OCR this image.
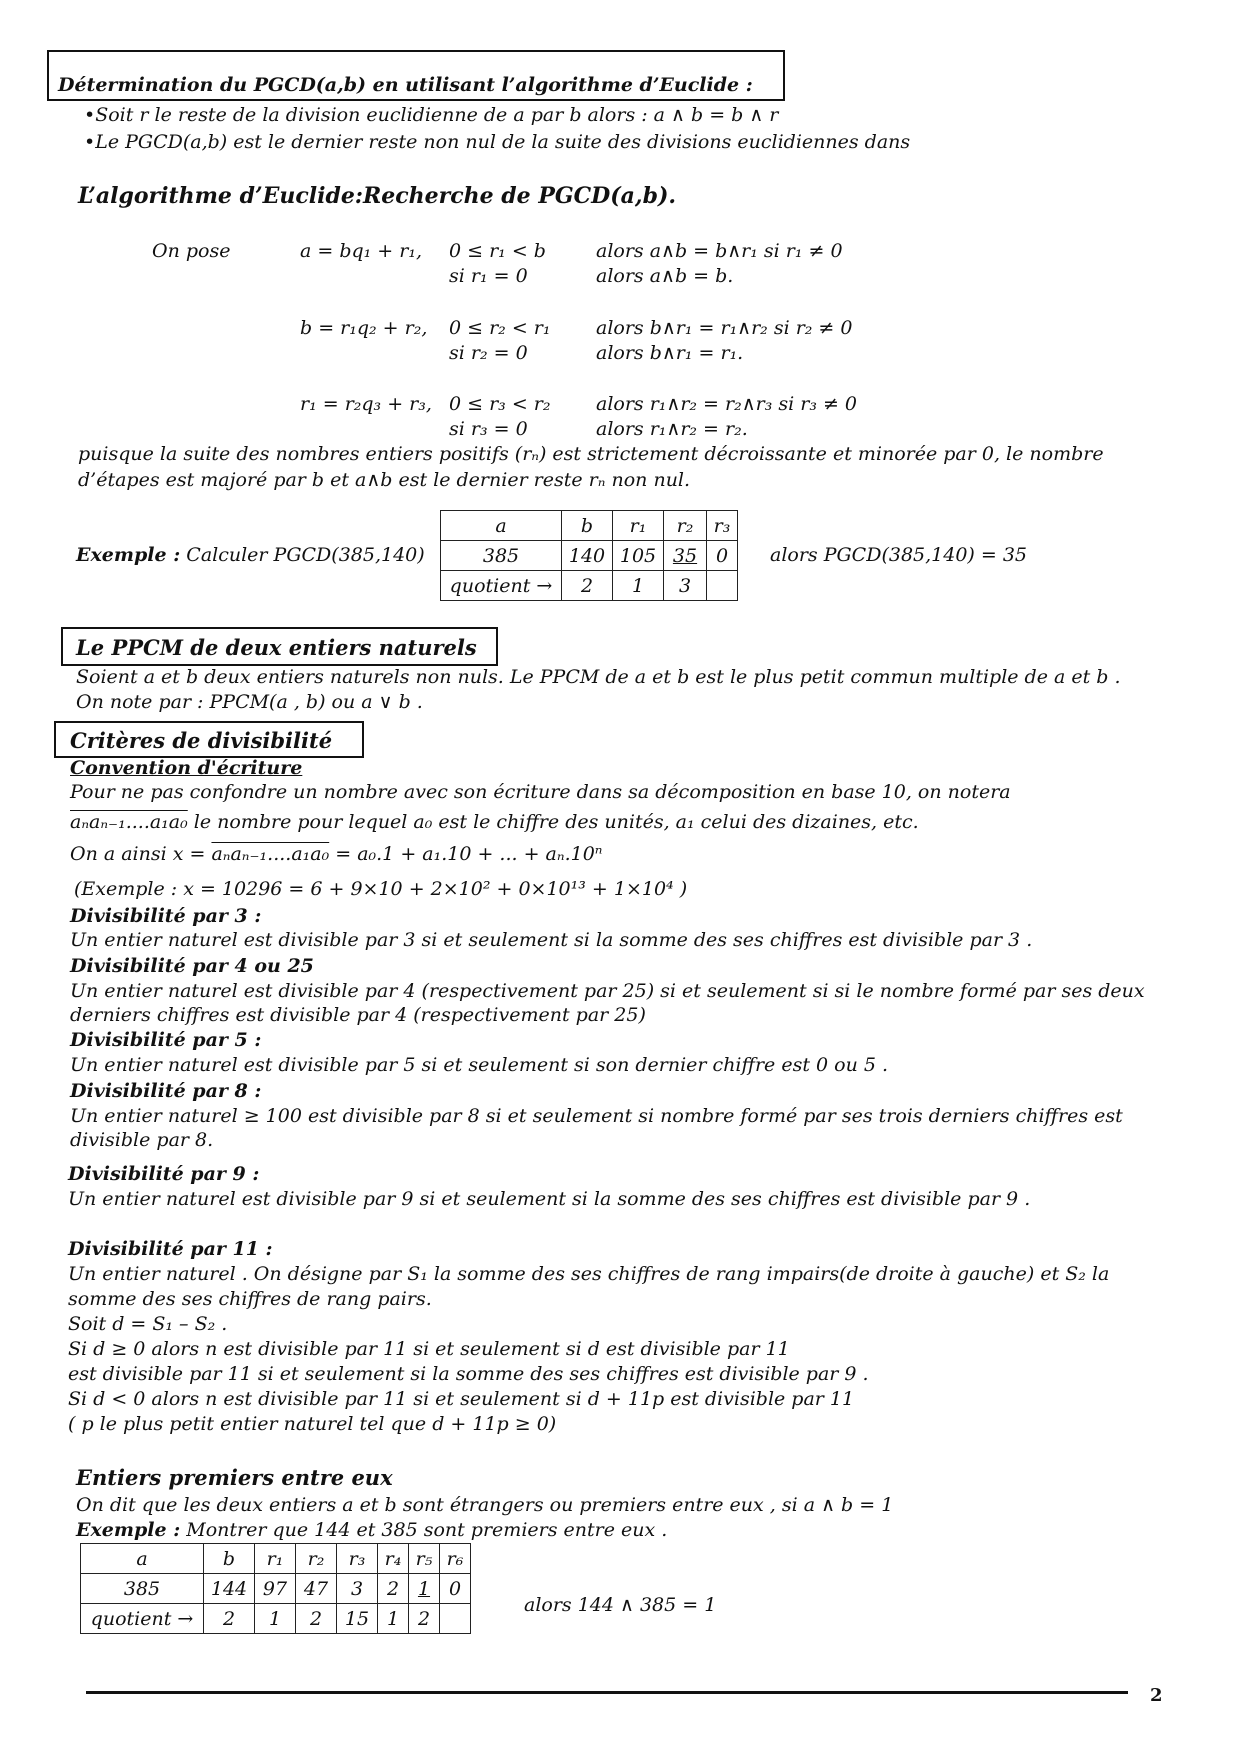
Détermination du PGCD(a,b) en utilisant l’algorithme d’Euclide :
•Soit r le reste de la division euclidienne de a par b alors : a ∧ b = b ∧ r
•Le PGCD(a,b) est le dernier reste non nul de la suite des divisions euclidiennes dans
L’algorithme d’Euclide:Recherche de PGCD(a,b).
On pose	a = bq₁ + r₁, 0 ≤ r₁ < b	alors a∧b = b∧r₁ si r₁ ≠ 0
si r₁ = 0	alors a∧b = b.
b = r₁q₂ + r₂, 0 ≤ r₂ < r₁ alors b∧r₁ = r₁∧r₂ si r₂ ≠ 0
si r₂ = 0	alors b∧r₁ = r₁.
r₁ = r₂q₃ + r₃, 0 ≤ r₃ < r₂ alors r₁∧r₂ = r₂∧r₃ si r₃ ≠ 0
si r₃ = 0	alors r₁∧r₂ = r₂.
puisque la suite des nombres entiers positifs (rₙ) est strictement décroissante et minorée par 0, le nombre
d’étapes est majoré par b et a∧b est le dernier reste rₙ non nul.
Exemple : Calculer PGCD(385,140)
a	b	r₁	r₂	r₃
385	140	105	35	0
quotient →	2	1	3	
alors PGCD(385,140) = 35
Le PPCM de deux entiers naturels
Soient a et b deux entiers naturels non nuls. Le PPCM de a et b est le plus petit commun multiple de a et b .
On note par : PPCM(a , b) ou a ∨ b .
Critères de divisibilité
Convention d'écriture
Pour ne pas confondre un nombre avec son écriture dans sa décomposition en base 10, on notera
aₙaₙ₋₁....a₁a₀ le nombre pour lequel a₀ est le chiffre des unités, a₁ celui des dizaines, etc.
On a ainsi x = aₙaₙ₋₁....a₁a₀ = a₀.1 + a₁.10 + ... + aₙ.10ⁿ
(Exemple : x = 10296 = 6 + 9×10 + 2×10² + 0×10¹³ + 1×10⁴ )
Divisibilité par 3 :
Un entier naturel est divisible par 3 si et seulement si la somme des ses chiffres est divisible par 3 .
Divisibilité par 4 ou 25
Un entier naturel est divisible par 4 (respectivement par 25) si et seulement si si le nombre formé par ses deux
derniers chiffres est divisible par 4 (respectivement par 25)
Divisibilité par 5 :
Un entier naturel est divisible par 5 si et seulement si son dernier chiffre est 0 ou 5 .
Divisibilité par 8 :
Un entier naturel ≥ 100 est divisible par 8 si et seulement si nombre formé par ses trois derniers chiffres est
divisible par 8.
Divisibilité par 9 :
Un entier naturel est divisible par 9 si et seulement si la somme des ses chiffres est divisible par 9 .
Divisibilité par 11 :
Un entier naturel . On désigne par S₁ la somme des ses chiffres de rang impairs(de droite à gauche) et S₂ la
somme des ses chiffres de rang pairs.
Soit d = S₁ – S₂ .
Si d ≥ 0 alors n est divisible par 11 si et seulement si d est divisible par 11
est divisible par 11 si et seulement si la somme des ses chiffres est divisible par 9 .
Si d < 0 alors n est divisible par 11 si et seulement si d + 11p est divisible par 11
( p le plus petit entier naturel tel que d + 11p ≥ 0)
Entiers premiers entre eux
On dit que les deux entiers a et b sont étrangers ou premiers entre eux , si a ∧ b = 1
Exemple : Montrer que 144 et 385 sont premiers entre eux .
a	b	r₁	r₂	r₃	r₄	r₅	r₆
385	144	97	47	3	2	1	0
quotient →	2	1	2	15	1	2	
alors 144 ∧ 385 = 1
2
